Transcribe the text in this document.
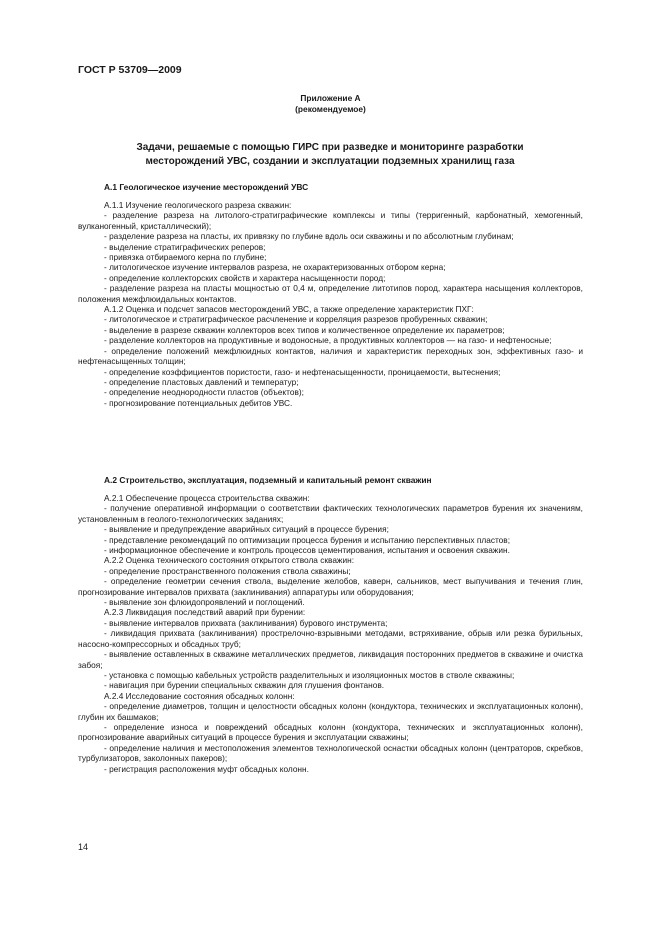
ГОСТ Р 53709—2009
Приложение А
(рекомендуемое)
Задачи, решаемые с помощью ГИРС при разведке и мониторинге разработки
месторождений УВС, создании и эксплуатации подземных хранилищ газа
А.1 Геологическое изучение месторождений УВС

А.1.1 Изучение геологического разреза скважин:

- разделение разреза на литолого-стратиграфические комплексы и типы (терригенный, карбонатный, хемогенный, вулканогенный, кристаллический);

- разделение разреза на пласты, их привязку по глубине вдоль оси скважины и по абсолютным глубинам;

- выделение стратиграфических реперов;

- привязка отбираемого керна по глубине;

- литологическое изучение интервалов разреза, не охарактеризованных отбором керна;

- определение коллекторских свойств и характера насыщенности пород;

- разделение разреза на пласты мощностью от 0,4 м, определение литотипов пород, характера насыщения коллекторов, положения межфлюидальных контактов.

А.1.2 Оценка и подсчет запасов месторождений УВС, а также определение характеристик ПХГ:

- литологическое и стратиграфическое расчленение и корреляция разрезов пробуренных скважин;

- выделение в разрезе скважин коллекторов всех типов и количественное определение их параметров;

- разделение коллекторов на продуктивные и водоносные, а продуктивных коллекторов — на газо- и нефтеносные;

- определение положений межфлюидных контактов, наличия и характеристик переходных зон, эффективных газо- и нефтенасыщенных толщин;

- определение коэффициентов пористости, газо- и нефтенасыщенности, проницаемости, вытеснения;

- определение пластовых давлений и температур;

- определение неоднородности пластов (объектов);

- прогнозирование потенциальных дебитов УВС.

А.2 Строительство, эксплуатация, подземный и капитальный ремонт скважин

А.2.1 Обеспечение процесса строительства скважин:

- получение оперативной информации о соответствии фактических технологических параметров бурения их значениям, установленным в геолого-технологических заданиях;

- выявление и предупреждение аварийных ситуаций в процессе бурения;

- представление рекомендаций по оптимизации процесса бурения и испытанию перспективных пластов;

- информационное обеспечение и контроль процессов цементирования, испытания и освоения скважин.

А.2.2 Оценка технического состояния открытого ствола скважин:

- определение пространственного положения ствола скважины;

- определение геометрии сечения ствола, выделение желобов, каверн, сальников, мест выпучивания и течения глин, прогнозирование интервалов прихвата (заклинивания) аппаратуры или оборудования;

- выявление зон флюидопроявлений и поглощений.

А.2.3 Ликвидация последствий аварий при бурении:

- выявление интервалов прихвата (заклинивания) бурового инструмента;

- ликвидация прихвата (заклинивания) прострелочно-взрывными методами, встряхивание, обрыв или резка бурильных, насосно-компрессорных и обсадных труб;

- выявление оставленных в скважине металлических предметов, ликвидация посторонних предметов в скважине и очистка забоя;

- установка с помощью кабельных устройств разделительных и изоляционных мостов в стволе скважины;

- навигация при бурении специальных скважин для глушения фонтанов.

А.2.4 Исследование состояния обсадных колонн:

- определение диаметров, толщин и целостности обсадных колонн (кондуктора, технических и эксплуатационных колонн), глубин их башмаков;

- определение износа и повреждений обсадных колонн (кондуктора, технических и эксплуатационных колонн), прогнозирование аварийных ситуаций в процессе бурения и эксплуатации скважины;

- определение наличия и местоположения элементов технологической оснастки обсадных колонн (центраторов, скребков, турбулизаторов, заколонных пакеров);

- регистрация расположения муфт обсадных колонн.

14
